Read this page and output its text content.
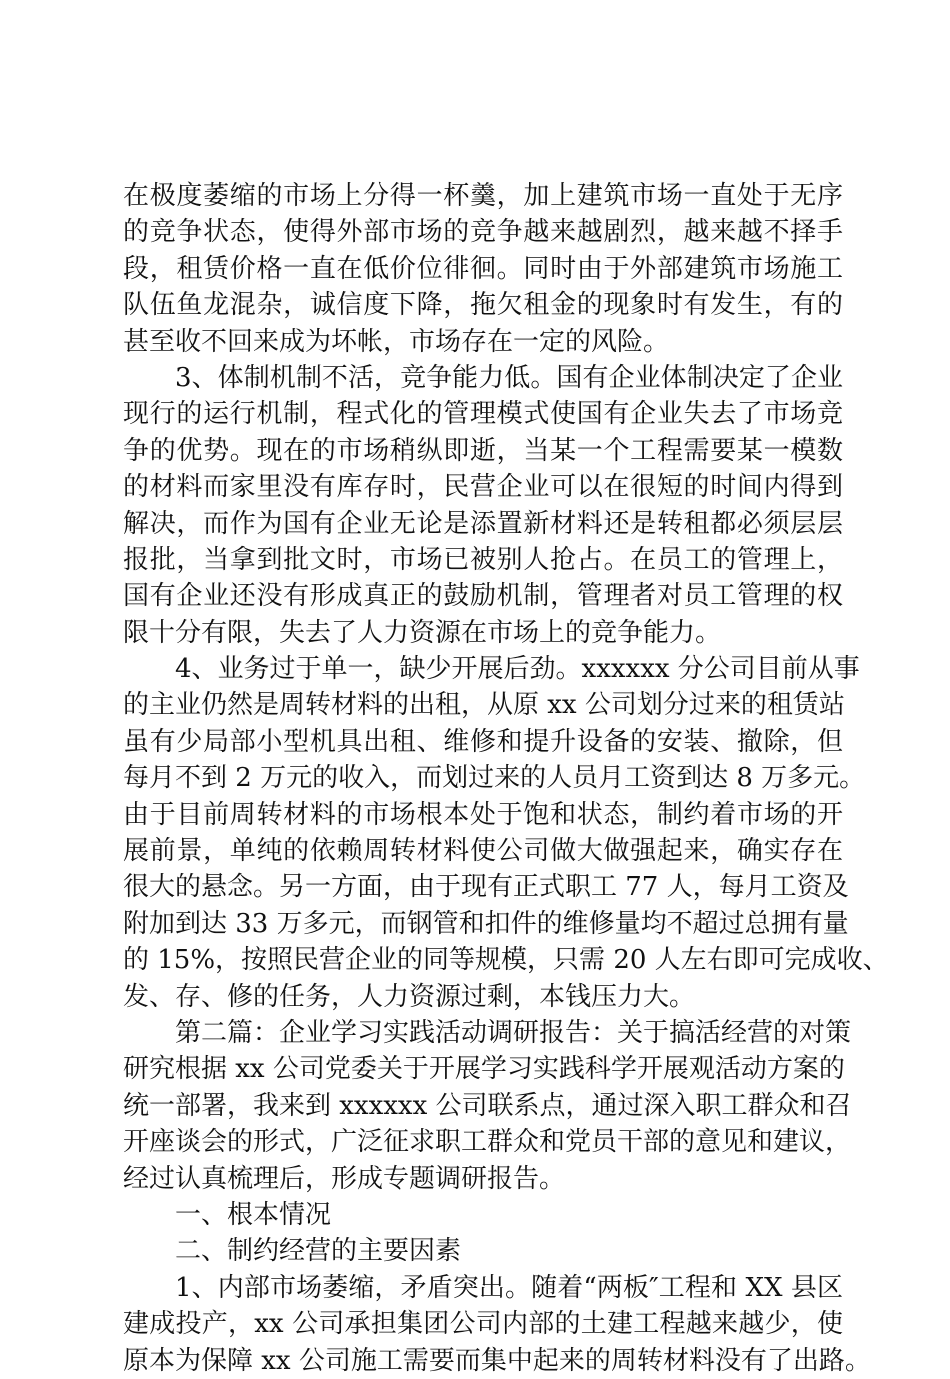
在极度萎缩的市场上分得一杯羹，加上建筑市场一直处于无序
的竞争状态，使得外部市场的竞争越来越剧烈，越来越不择手
段，租赁价格一直在低价位徘徊。同时由于外部建筑市场施工
队伍鱼龙混杂，诚信度下降，拖欠租金的现象时有发生，有的
甚至收不回来成为坏帐，市场存在一定的风险。
3、体制机制不活，竞争能力低。国有企业体制决定了企业
现行的运行机制，程式化的管理模式使国有企业失去了市场竞
争的优势。现在的市场稍纵即逝，当某一个工程需要某一模数
的材料而家里没有库存时，民营企业可以在很短的时间内得到
解决，而作为国有企业无论是添置新材料还是转租都必须层层
报批，当拿到批文时，市场已被别人抢占。在员工的管理上，
国有企业还没有形成真正的鼓励机制，管理者对员工管理的权
限十分有限，失去了人力资源在市场上的竞争能力。
4、业务过于单一，缺少开展后劲。xxxxxx 分公司目前从事
的主业仍然是周转材料的出租，从原 xx 公司划分过来的租赁站
虽有少局部小型机具出租、维修和提升设备的安装、撤除，但
每月不到 2 万元的收入，而划过来的人员月工资到达 8 万多元。
由于目前周转材料的市场根本处于饱和状态，制约着市场的开
展前景，单纯的依赖周转材料使公司做大做强起来，确实存在
很大的悬念。另一方面，由于现有正式职工 77 人，每月工资及
附加到达 33 万多元，而钢管和扣件的维修量均不超过总拥有量
的 15%，按照民营企业的同等规模，只需 20 人左右即可完成收、
发、存、修的任务，人力资源过剩，本钱压力大。
第二篇：企业学习实践活动调研报告：关于搞活经营的对策
研究根据 xx 公司党委关于开展学习实践科学开展观活动方案的
统一部署，我来到 xxxxxx 公司联系点，通过深入职工群众和召
开座谈会的形式，广泛征求职工群众和党员干部的意见和建议，
经过认真梳理后，形成专题调研报告。
一、根本情况
二、制约经营的主要因素
1、内部市场萎缩，矛盾突出。随着“两板″工程和 XX 县区
建成投产，xx 公司承担集团公司内部的土建工程越来越少，使
原本为保障 xx 公司施工需要而集中起来的周转材料没有了出路。
